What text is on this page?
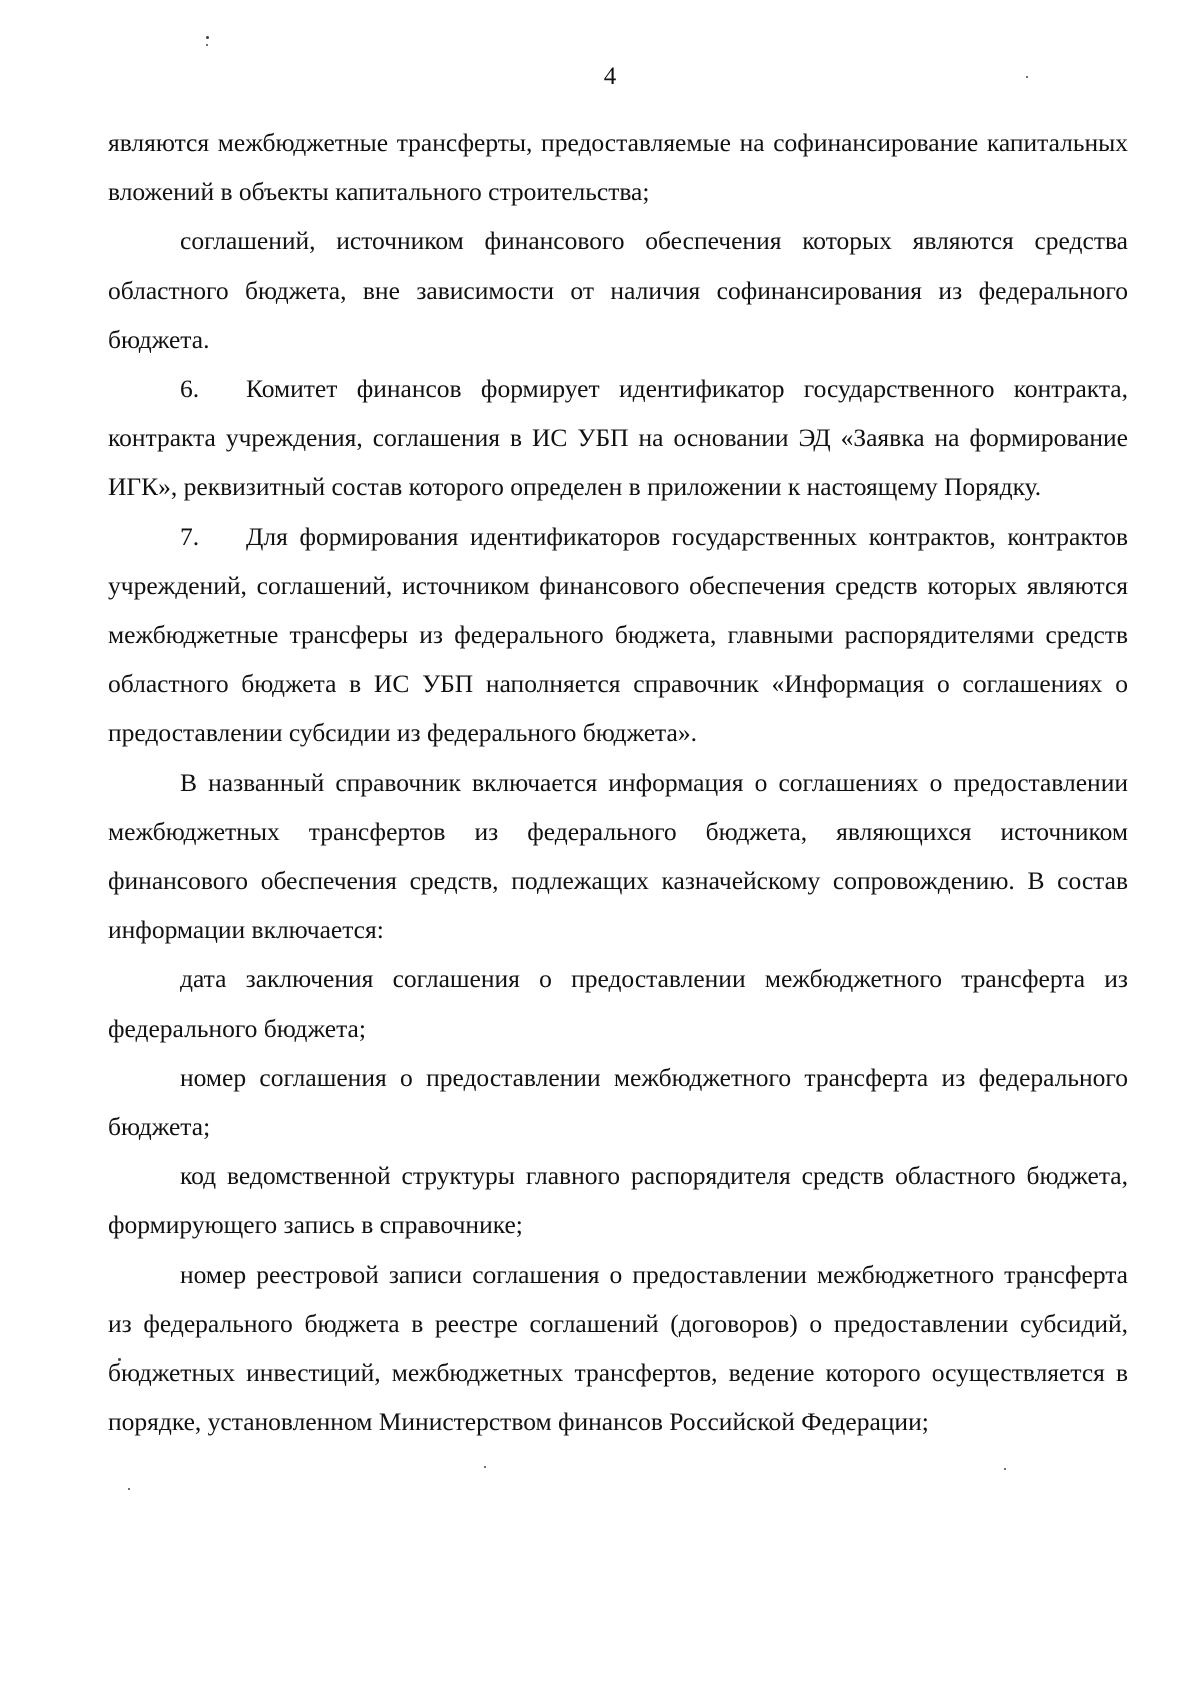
4

являются межбюджетные трансферты, предоставляемые на софинансирование капитальных вложений в объекты капитального строительства;

соглашений, источником финансового обеспечения которых являются средства областного бюджета, вне зависимости от наличия софинансирования из федерального бюджета.

6. Комитет финансов формирует идентификатор государственного контракта, контракта учреждения, соглашения в ИС УБП на основании ЭД «Заявка на формирование ИГК», реквизитный состав которого определен в приложении к настоящему Порядку.

7. Для формирования идентификаторов государственных контрактов, контрактов учреждений, соглашений, источником финансового обеспечения средств которых являются межбюджетные трансферы из федерального бюджета, главными распорядителями средств областного бюджета в ИС УБП наполняется справочник «Информация о соглашениях о предоставлении субсидии из федерального бюджета».

В названный справочник включается информация о соглашениях о предоставлении межбюджетных трансфертов из федерального бюджета, являющихся источником финансового обеспечения средств, подлежащих казначейскому сопровождению. В состав информации включается:

дата заключения соглашения о предоставлении межбюджетного трансферта из федерального бюджета;

номер соглашения о предоставлении межбюджетного трансферта из федерального бюджета;

код ведомственной структуры главного распорядителя средств областного бюджета, формирующего запись в справочнике;

номер реестровой записи соглашения о предоставлении межбюджетного трансферта из федерального бюджета в реестре соглашений (договоров) о предоставлении субсидий, бюджетных инвестиций, межбюджетных трансфертов, ведение которого осуществляется в порядке, установленном Министерством финансов Российской Федерации;
